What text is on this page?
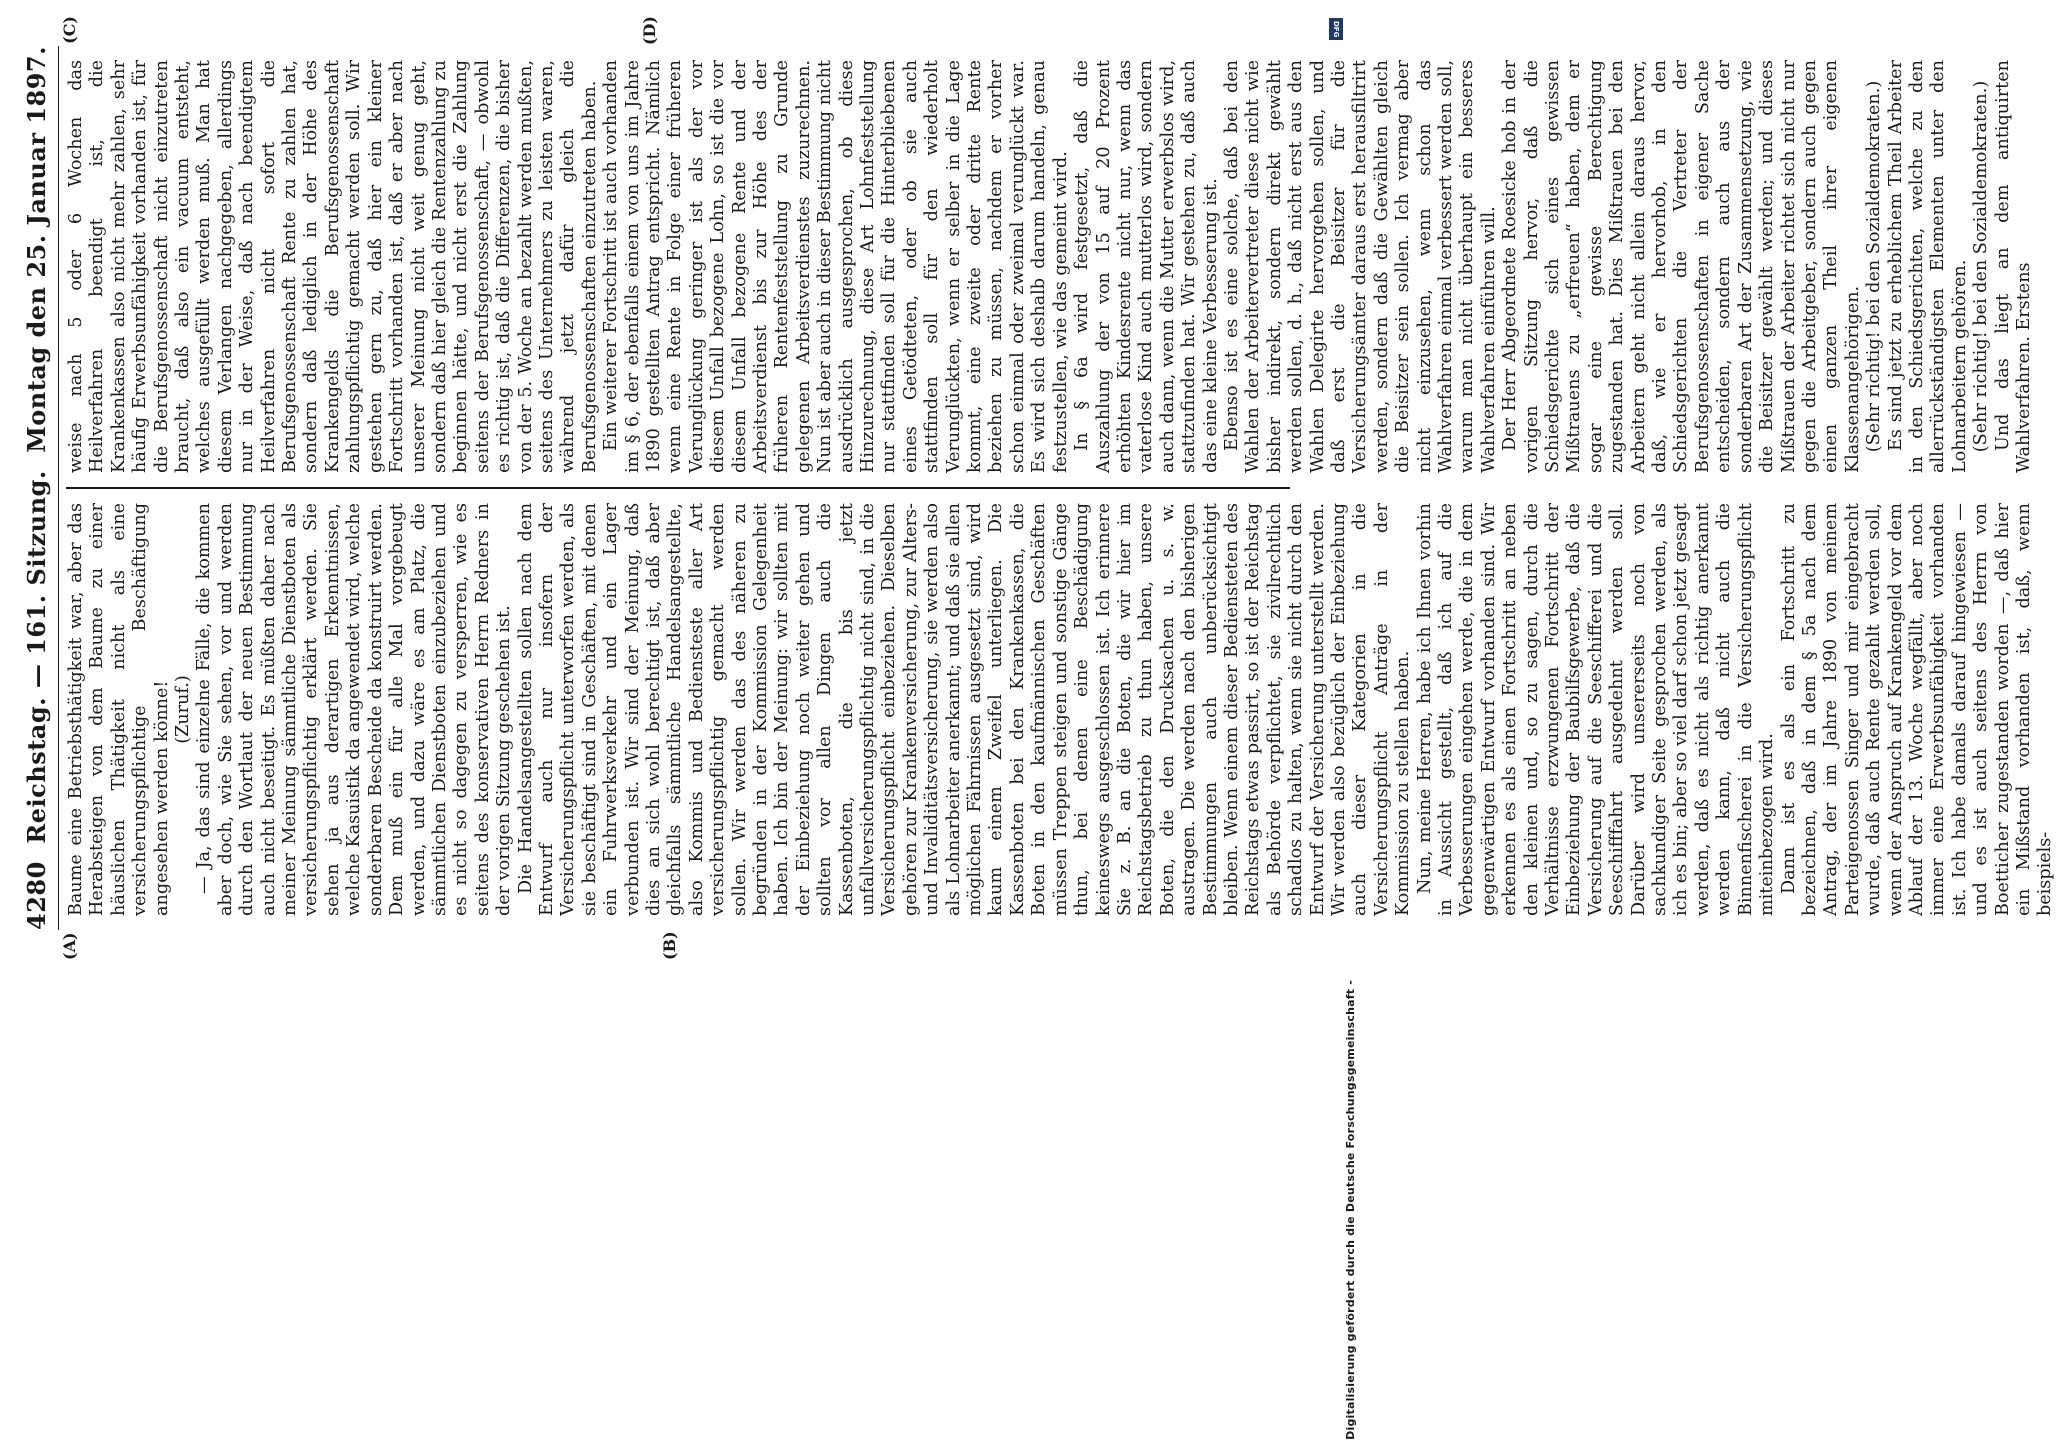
4280
Reichstag. — 161. Sitzung.
Montag den 25. Januar 1897.
(A)	(B)
(C)	(D)

Baume eine Betriebsthätigkeit war, aber das Herabsteigen von dem Baume zu einer häuslichen Thätigkeit nicht als eine versicherungspflichtige Beschäftigung angesehen werden könne! (Zuruf.) — Ja, das sind einzelne Fälle, die kommen aber doch, wie Sie sehen, vor und werden durch den Wortlaut der neuen Bestimmung auch nicht beseitigt. Es müßten daher nach meiner Meinung sämmtliche Dienstboten als versicherungspflichtig erklärt werden. Sie sehen ja aus derartigen Erkenntnissen, welche Kasuistik da angewendet wird, welche sonderbaren Bescheide da konstruirt werden. Dem muß ein für alle Mal vorgebeugt werden, und dazu wäre es am Platz, die sämmtlichen Dienstboten einzubeziehen und es nicht so dagegen zu versperren, wie es seitens des konservativen Herrn Redners in der vorigen Sitzung geschehen ist. Die Handelsangestellten sollen nach dem Entwurf auch nur insofern der Versicherungspflicht unterworfen werden, als sie beschäftigt sind in Geschäften, mit denen ein Fuhrwerksverkehr und ein Lager verbunden ist. Wir sind der Meinung, daß dies an sich wohl berechtigt ist, daß aber gleichfalls sämmtliche Handelsangestellte, also Kommis und Bediensteste aller Art versicherungspflichtig gemacht werden sollen. Wir werden das des näheren zu begründen in der Kommission Gelegenheit haben. Ich bin der Meinung: wir sollten mit der Einbeziehung noch weiter gehen und sollten vor allen Dingen auch die Kassenboten, die bis jetzt unfallversicherungspflichtig nicht sind, in die Versicherungspflicht einbeziehen. Dieselben gehören zur Krankenversicherung, zur Alters- und Invaliditätsversicherung, sie werden also als Lohnarbeiter anerkannt; und daß sie allen möglichen Fährnissen ausgesetzt sind, wird kaum einem Zweifel unterliegen. Die Kassenboten bei den Krankenkassen, die Boten in den kaufmännischen Geschäften müssen Treppen steigen und sonstige Gänge thun, bei denen eine Beschädigung keineswegs ausgeschlossen ist. Ich erinnere Sie z. B. an die Boten, die wir hier im Reichstagsbetrieb zu thun haben, unsere Boten, die den Drucksachen u. s. w. austragen. Die werden nach den bisherigen Bestimmungen auch unberücksichtigt bleiben. Wenn einem dieser Bediensteten des Reichstags etwas passirt, so ist der Reichstag als Behörde verpflichtet, sie zivilrechtlich schadlos zu halten, wenn sie nicht durch den Entwurf der Versicherung unterstellt werden. Wir werden also bezüglich der Einbeziehung auch dieser Kategorien in die Versicherungspflicht Anträge in der Kommission zu stellen haben. Nun, meine Herren, habe ich Ihnen vorhin in Aussicht gestellt, daß ich auf die Verbesserungen eingehen werde, die in dem gegenwärtigen Entwurf vorhanden sind. Wir erkennen es als einen Fortschritt an neben den kleinen und, so zu sagen, durch die Verhältnisse erzwungenen Fortschritt der Einbeziehung der Baubilfsgewerbe, daß die Versicherung auf die Seeschifferei und die Seeschifffahrt ausgedehnt werden soll. Darüber wird unsererseits noch von sachkundiger Seite gesprochen werden, als ich es bin; aber so viel darf schon jetzt gesagt werden, daß es nicht als richtig anerkannt werden kann, daß nicht auch die Binnenfischerei in die Versicherungspflicht miteinbezogen wird. Dann ist es als ein Fortschritt zu bezeichnen, daß in dem § 5a nach dem Antrag, der im Jahre 1890 von meinem Parteigenossen Singer und mir eingebracht wurde, daß auch Rente gezahlt werden soll, wenn der Anspruch auf Krankengeld vor dem Ablauf der 13. Woche wegfällt, aber noch immer eine Erwerbsunfähigkeit vorhanden ist. Ich habe damals darauf hingewiesen — und es ist auch seitens des Herrn von Boetticher zugestanden worden —, daß hier ein Mißstand vorhanden ist, daß, wenn beispiels-

weise nach 5 oder 6 Wochen das Heilverfahren beendigt ist, die Krankenkassen also nicht mehr zahlen, sehr häufig Erwerbsunfähigkeit vorhanden ist, für die Berufsgenossenschaft nicht einzutreten braucht, daß also ein vacuum entsteht, welches ausgefüllt werden muß. Man hat diesem Verlangen nachgegeben, allerdings nur in der Weise, daß nach beendigtem Heilverfahren nicht sofort die Berufsgenossenschaft Rente zu zahlen hat, sondern daß lediglich in der Höhe des Krankengelds die Berufsgenossenschaft zahlungspflichtig gemacht werden soll. Wir gestehen gern zu, daß hier ein kleiner Fortschritt vorhanden ist, daß er aber nach unserer Meinung nicht weit genug geht, sondern daß hier gleich die Rentenzahlung zu beginnen hätte, und nicht erst die Zahlung seitens der Berufsgenossenschaft, — obwohl es richtig ist, daß die Differenzen, die bisher von der 5. Woche an bezahlt werden mußten, seitens des Unternehmers zu leisten waren, während jetzt dafür gleich die Berufsgenossenschaften einzutreten haben. Ein weiterer Fortschritt ist auch vorhanden im § 6, der ebenfalls einem von uns im Jahre 1890 gestellten Antrag entspricht. Nämlich wenn eine Rente in Folge einer früheren Verunglückung geringer ist als der vor diesem Unfall bezogene Lohn, so ist die vor diesem Unfall bezogene Rente und der Arbeitsverdienst bis zur Höhe des der früheren Rentenfeststellung zu Grunde gelegenen Arbeitsverdienstes zuzurechnen. Nun ist aber auch in dieser Bestimmung nicht ausdrücklich ausgesprochen, ob diese Hinzurechnung, diese Art Lohnfeststellung nur stattfinden soll für die Hinterbliebenen eines Getödteten, oder ob sie auch stattfinden soll für den wiederholt Verunglückten, wenn er selber in die Lage kommt, eine zweite oder dritte Rente beziehen zu müssen, nachdem er vorher schon einmal oder zweimal verunglückt war. Es wird sich deshalb darum handeln, genau festzustellen, wie das gemeint wird. In § 6a wird festgesetzt, daß die Auszahlung der von 15 auf 20 Prozent erhöhten Kindesrente nicht nur, wenn das vaterlose Kind auch mutterlos wird, sondern auch dann, wenn die Mutter erwerbslos wird, stattzufinden hat. Wir gestehen zu, daß auch das eine kleine Verbesserung ist. Ebenso ist es eine solche, daß bei den Wahlen der Arbeitervertreter diese nicht wie bisher indirekt, sondern direkt gewählt werden sollen, d. h., daß nicht erst aus den Wahlen Delegirte hervorgehen sollen, und daß erst die Beisitzer für die Versicherungsämter daraus erst herausfiltrirt werden, sondern daß die Gewählten gleich die Beisitzer sein sollen. Ich vermag aber nicht einzusehen, wenn schon das Wahlverfahren einmal verbessert werden soll, warum man nicht überhaupt ein besseres Wahlverfahren einführen will. Der Herr Abgeordnete Roesicke hob in der vorigen Sitzung hervor, daß die Schiedsgerichte sich eines gewissen Mißtrauens zu „erfreuen“ haben, dem er sogar eine gewisse Berechtigung zugestanden hat. Dies Mißtrauen bei den Arbeitern geht nicht allein daraus hervor, daß, wie er hervorhob, in den Schiedsgerichten die Vertreter der Berufsgenossenschaften in eigener Sache entscheiden, sondern auch aus der sonderbaren Art der Zusammensetzung, wie die Beisitzer gewählt werden; und dieses Mißtrauen der Arbeiter richtet sich nicht nur gegen die Arbeitgeber, sondern auch gegen einen ganzen Theil ihrer eigenen Klassenangehörigen. (Sehr richtig! bei den Sozialdemokraten.) Es sind jetzt zu erheblichem Theil Arbeiter in den Schiedsgerichten, welche zu den allerrückständigsten Elementen unter den Lohnarbeitern gehören. (Sehr richtig! bei den Sozialdemokraten.) Und das liegt an dem antiquirten Wahlverfahren. Erstens

DFG
Digitalisierung gefördert durch die Deutsche Forschungsgemeinschaft -
